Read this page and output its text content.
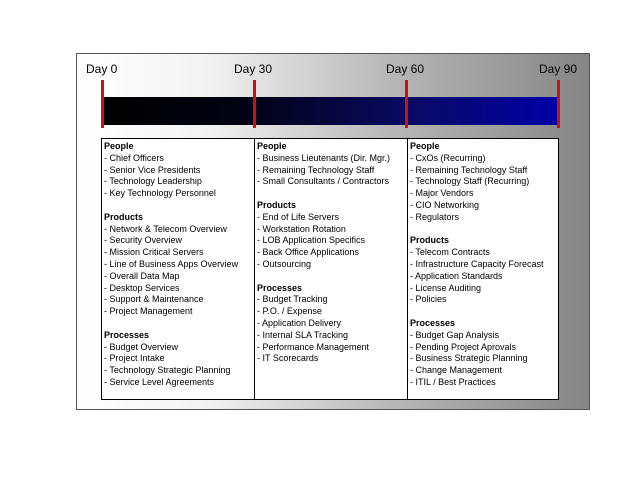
Day 0	Day 30	Day 60	Day 90
People
- Chief Officers
- Senior Vice Presidents
- Technology Leadership
- Key Technology Personnel
Products
- Network & Telecom Overview
- Security Overview
- Mission Critical Servers
- Line of Business Apps Overview
- Overall Data Map
- Desktop Services
- Support & Maintenance
- Project Management
Processes
- Budget Overview
- Project Intake
- Technology Strategic Planning
- Service Level Agreements
People
- Business Lieutenants (Dir. Mgr.)
- Remaining Technology Staff
- Small Consultants / Contractors
Products
- End of Life Servers
- Workstation Rotation
- LOB Application Specifics
- Back Office Applications
- Outsourcing
Processes
- Budget Tracking
- P.O. / Expense
- Application Delivery
- Internal SLA Tracking
- Performance Management
- IT Scorecards
People
- CxOs (Recurring)
- Remaining Technology Staff
- Technology Staff (Recurring)
- Major Vendors
- CIO Networking
- Regulators
Products
- Telecom Contracts
- Infrastructure Capacity Forecast
- Application Standards
- License Auditing
- Policies
Processes
- Budget Gap Analysis
- Pending Project Aprovals
- Business Strategic Planning
- Change Management
- ITIL / Best Practices
